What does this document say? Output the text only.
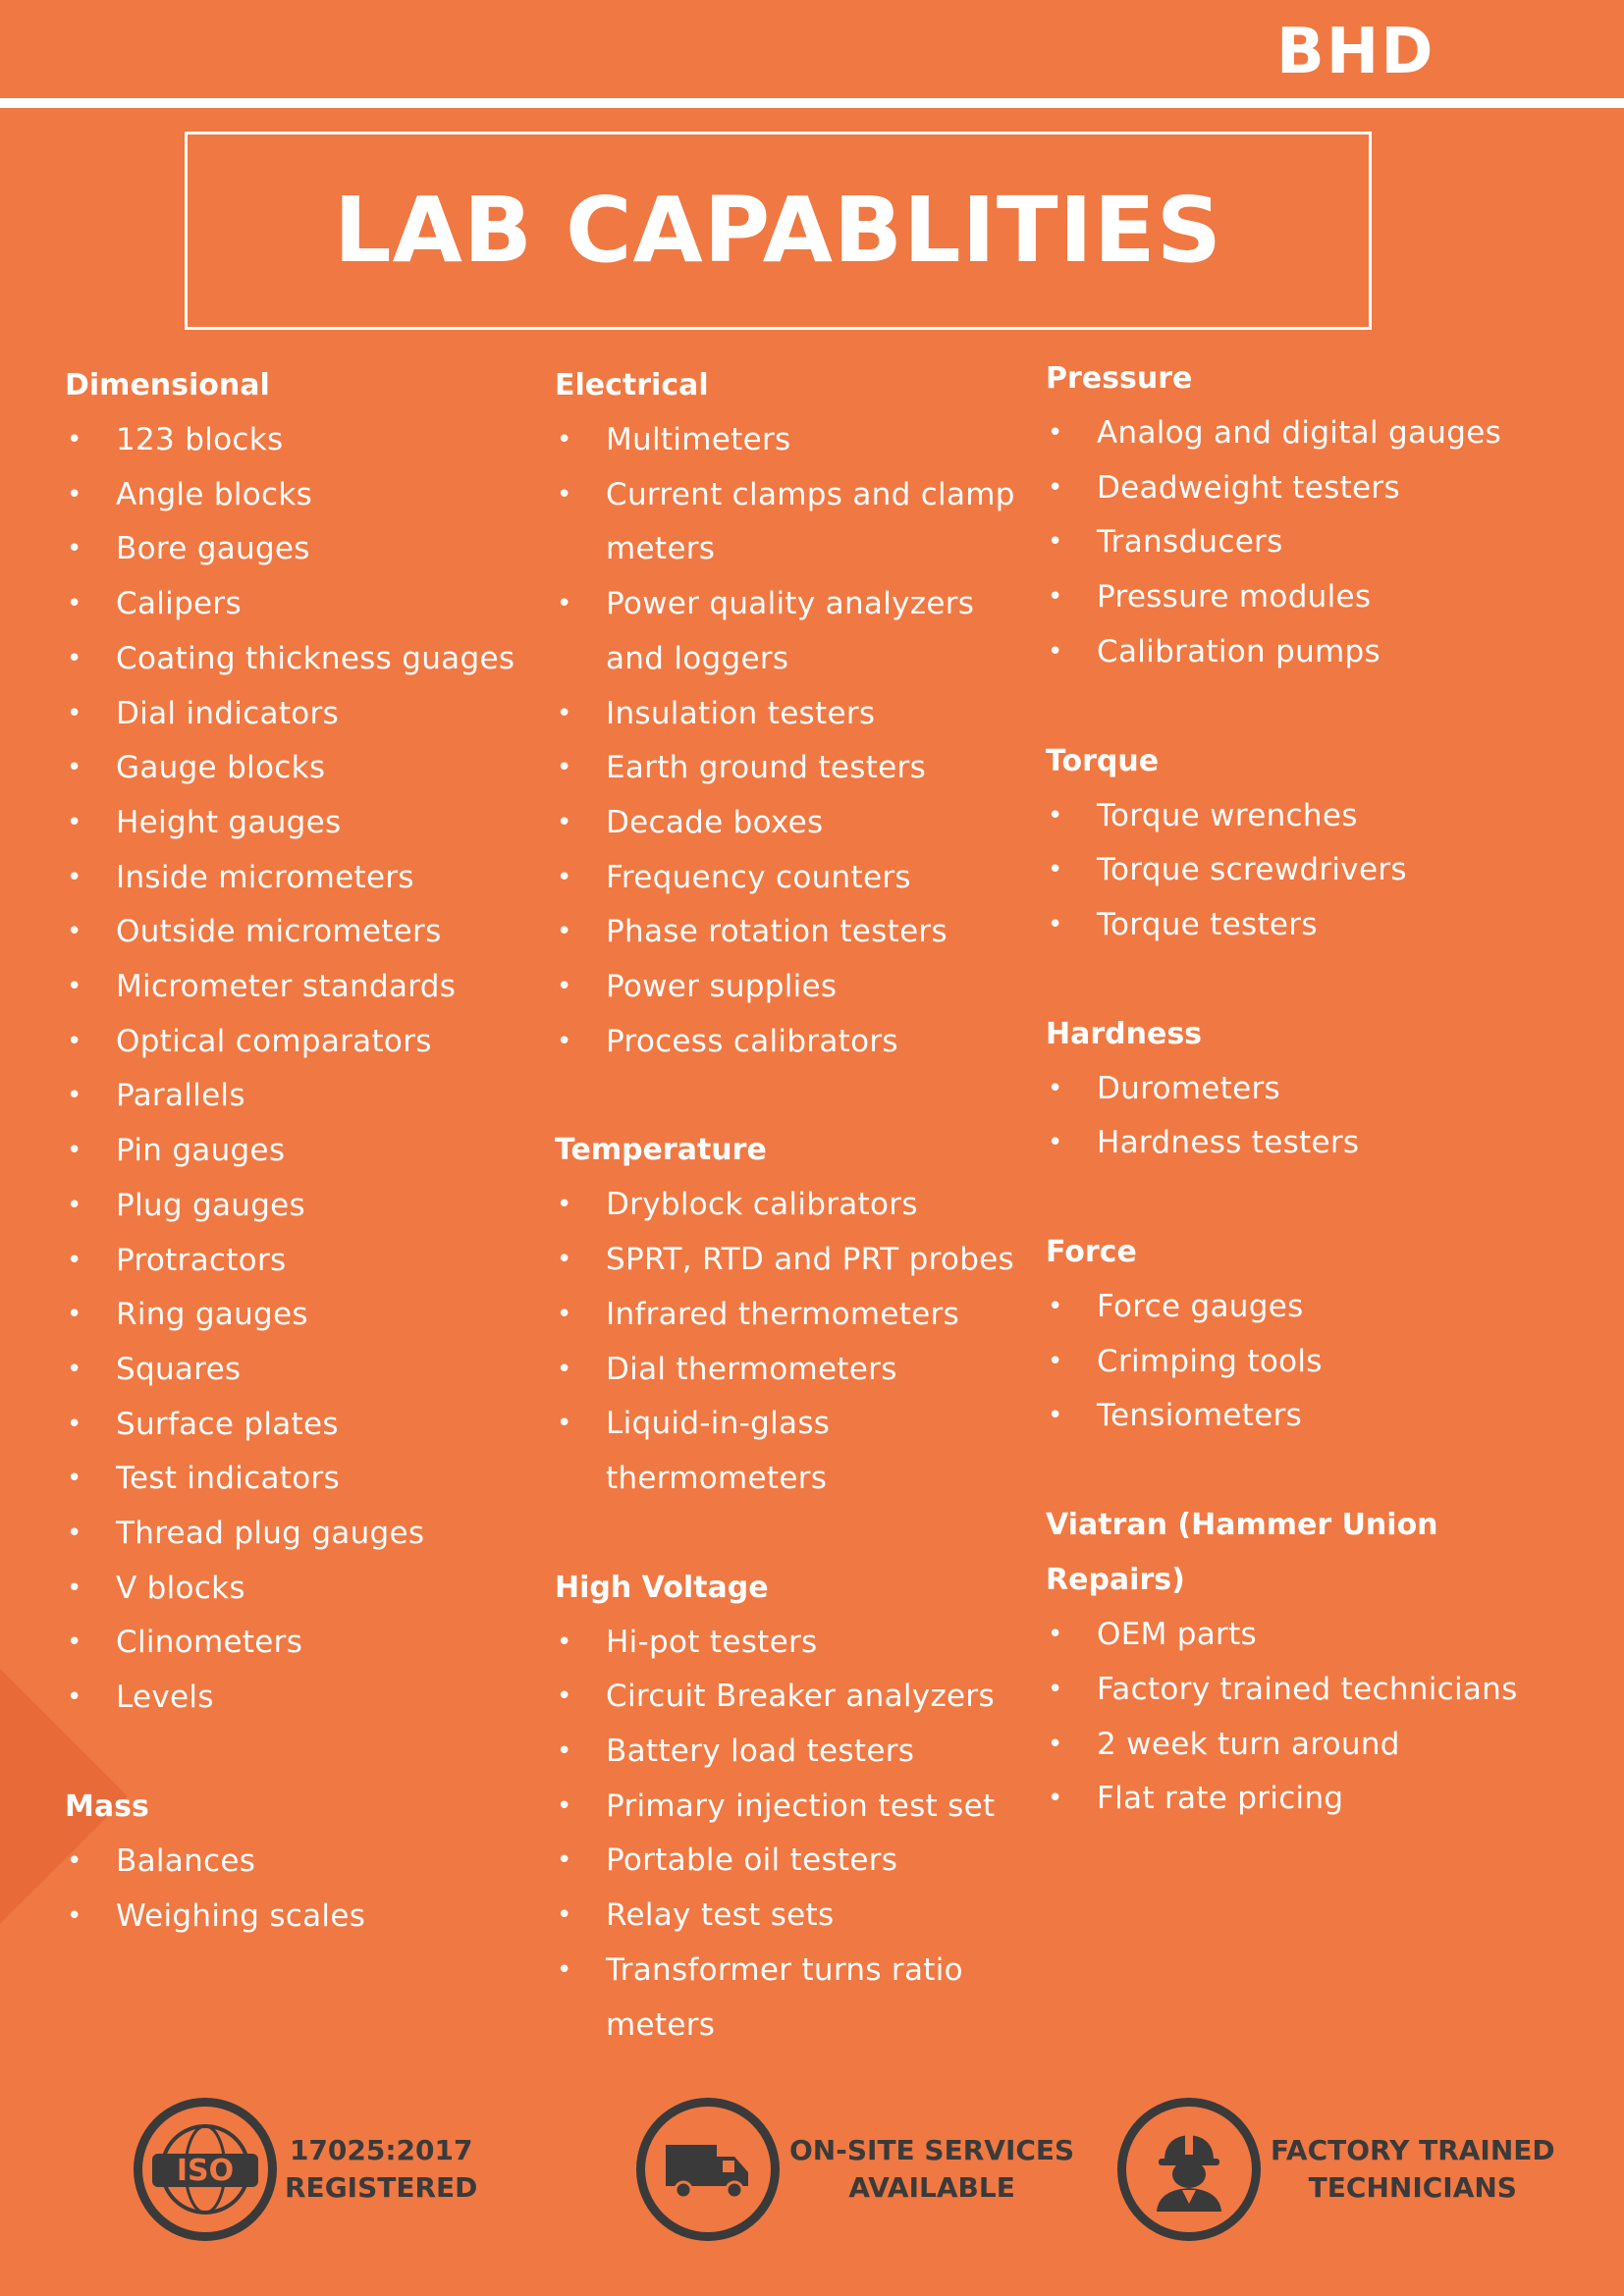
BHD
LAB CAPABLITIES
Dimensional
• 123 blocks
• Angle blocks
• Bore gauges
• Calipers
• Coating thickness guages
• Dial indicators
• Gauge blocks
• Height gauges
• Inside micrometers
• Outside micrometers
• Micrometer standards
• Optical comparators
• Parallels
• Pin gauges
• Plug gauges
• Protractors
• Ring gauges
• Squares
• Surface plates
• Test indicators
• Thread plug gauges
• V blocks
• Clinometers
• Levels
Mass
• Balances
• Weighing scales
Electrical
• Multimeters
• Current clamps and clamp meters
• Power quality analyzers and loggers
• Insulation testers
• Earth ground testers
• Decade boxes
• Frequency counters
• Phase rotation testers
• Power supplies
• Process calibrators
Temperature
• Dryblock calibrators
• SPRT, RTD and PRT probes
• Infrared thermometers
• Dial thermometers
• Liquid-in-glass thermometers
High Voltage
• Hi-pot testers
• Circuit Breaker analyzers
• Battery load testers
• Primary injection test set
• Portable oil testers
• Relay test sets
• Transformer turns ratio meters
Pressure
• Analog and digital gauges
• Deadweight testers
• Transducers
• Pressure modules
• Calibration pumps
Torque
• Torque wrenches
• Torque screwdrivers
• Torque testers
Hardness
• Durometers
• Hardness testers
Force
• Force gauges
• Crimping tools
• Tensiometers
Viatran (Hammer Union Repairs)
• OEM parts
• Factory trained technicians
• 2 week turn around
• Flat rate pricing
ISO
17025:2017
REGISTERED
ON-SITE SERVICES
AVAILABLE
FACTORY TRAINED
TECHNICIANS
